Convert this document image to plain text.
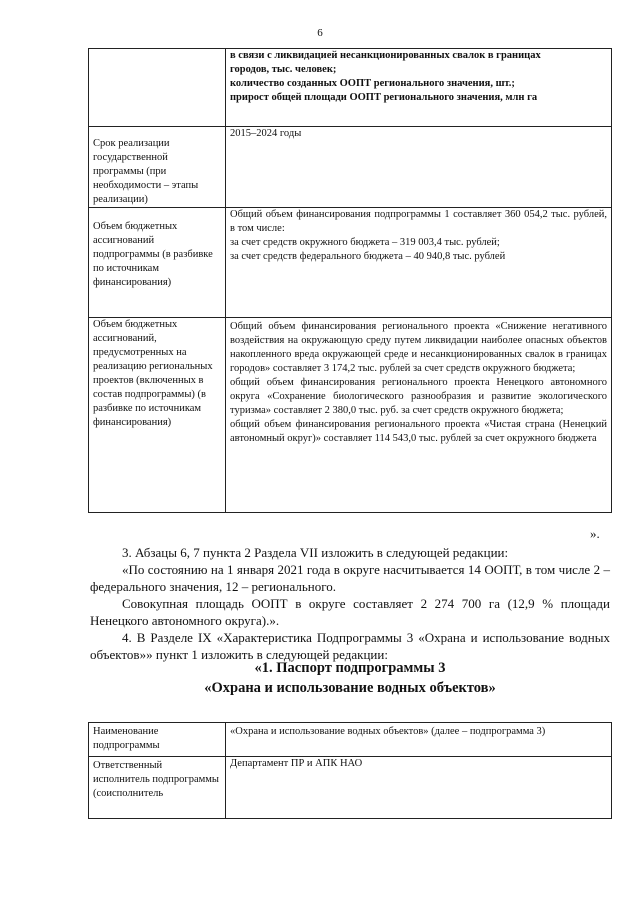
6

	в связи с ликвидацией несанкционированных свалок в границах
городов, тыс. человек;
количество созданных ООПТ регионального значения, шт.;
прирост общей площади ООПТ регионального значения, млн га

Срок реализации государственной программы (при необходимости – этапы реализации)	2015–2024 годы
Объем бюджетных ассигнований подпрограммы (в разбивке по источникам финансирования)	Общий объем финансирования подпрограммы 1 составляет 360 054,2 тыс. рублей, в том числе:
за счет средств окружного бюджета – 319 003,4 тыс. рублей;
за счет средств федерального бюджета – 40 940,8 тыс. рублей

Объем бюджетных ассигнований, предусмотренных на реализацию региональных проектов (включенных в состав подпрограммы) (в разбивке по источникам финансирования)	Общий объем финансирования регионального проекта «Снижение негативного воздействия на окружающую среду путем ликвидации наиболее опасных объектов накопленного вреда окружающей среде и несанкционированных свалок в границах городов» составляет 3 174,2 тыс. рублей за счет средств окружного бюджета;
общий объем финансирования регионального проекта Ненецкого автономного округа «Сохранение биологического разнообразия и развитие экологического туризма» составляет 2 380,0 тыс. руб. за счет средств окружного бюджета;
общий объем финансирования регионального проекта «Чистая страна (Ненецкий автономный округ)» составляет 114 543,0 тыс. рублей за счет окружного бюджета
».

3. Абзацы 6, 7 пункта 2 Раздела VII изложить в следующей редакции:

«По состоянию на 1 января 2021 года в округе насчитывается 14 ООПТ, в том числе 2 – федерального значения, 12 – регионального.

Совокупная площадь ООПТ в округе составляет 2 274 700 га (12,9 % площади Ненецкого автономного округа).».

4. В Разделе IX «Характеристика Подпрограммы 3 «Охрана и использование водных объектов»» пункт 1 изложить в следующей редакции:

«1. Паспорт подпрограммы 3
«Охрана и использование водных объектов»
Наименование подпрограммы	«Охрана и использование водных объектов» (далее – подпрограмма 3)
Ответственный исполнитель подпрограммы (соисполнитель	Департамент ПР и АПК НАО
